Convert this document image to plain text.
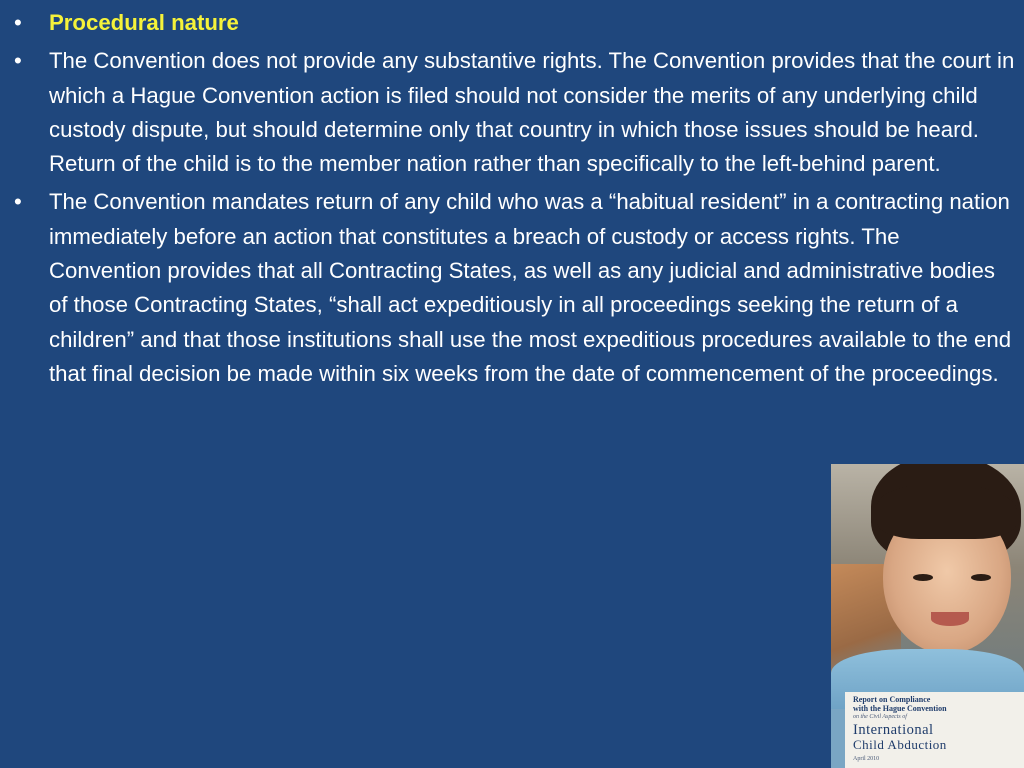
•	Procedural nature
•	The Convention does not provide any substantive rights. The Convention provides that the court in which a Hague Convention action is filed should not consider the merits of any underlying child custody dispute, but should determine only that country in which those issues should be heard. Return of the child is to the member nation rather than specifically to the left-behind parent.
•	The Convention mandates return of any child who was a “habitual resident” in a contracting nation immediately before an action that constitutes a breach of custody or access rights. The Convention provides that all Contracting States, as well as any judicial and administrative bodies of those Contracting States, “shall act expeditiously in all proceedings seeking the return of a children” and that those institutions shall use the most expeditious procedures available to the end that final decision be made within six weeks from the date of commencement of the proceedings.
Report on Compliance
with the Hague Convention
on the Civil Aspects of
International
Child Abduction
April 2010
